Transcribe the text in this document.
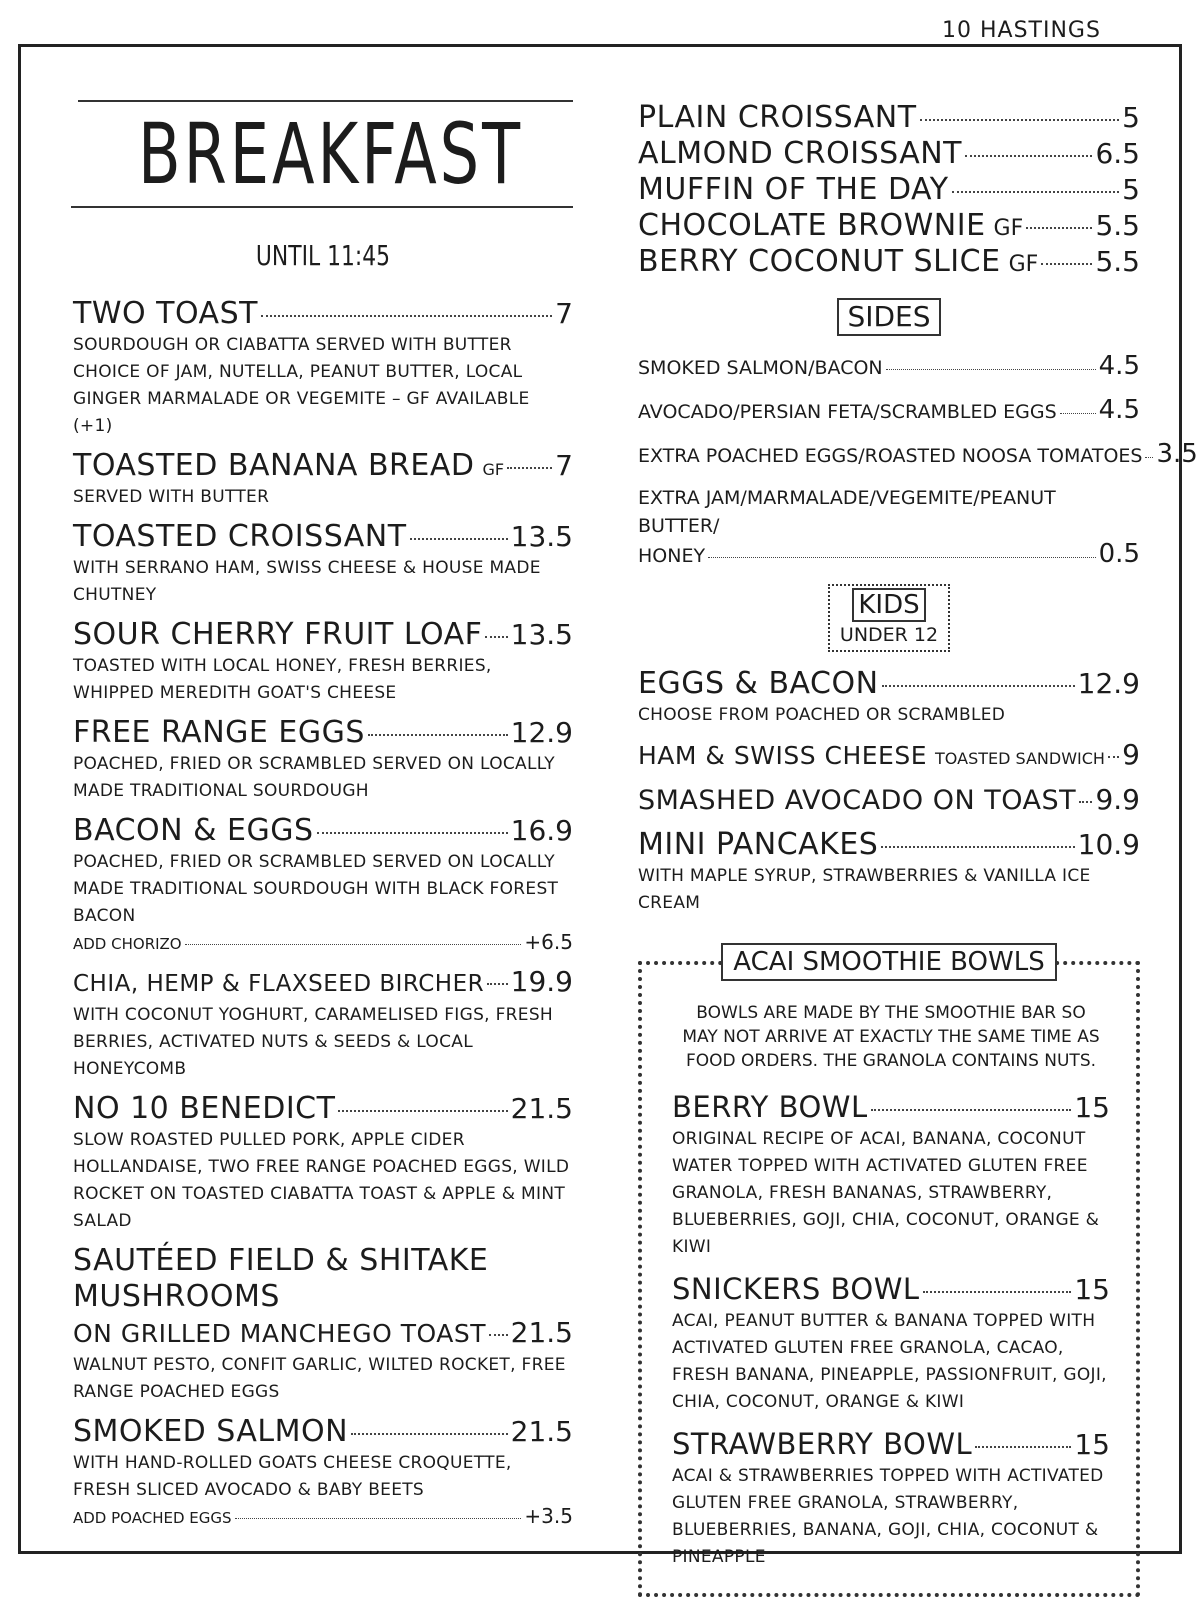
10 HASTINGS
BREAKFAST
UNTIL 11:45
TWO TOAST	7
SOURDOUGH OR CIABATTA SERVED WITH BUTTER CHOICE OF JAM, NUTELLA, PEANUT BUTTER, LOCAL GINGER MARMALADE OR VEGEMITE – GF AVAILABLE (+1)
TOASTED BANANA BREAD GF 7
SERVED WITH BUTTER
TOASTED CROISSANT	13.5
WITH SERRANO HAM, SWISS CHEESE & HOUSE MADE CHUTNEY
SOUR CHERRY FRUIT LOAF 13.5
TOASTED WITH LOCAL HONEY, FRESH BERRIES, WHIPPED MEREDITH GOAT'S CHEESE
FREE RANGE EGGS	12.9
POACHED, FRIED OR SCRAMBLED SERVED ON LOCALLY MADE TRADITIONAL SOURDOUGH
BACON & EGGS	16.9
POACHED, FRIED OR SCRAMBLED SERVED ON LOCALLY MADE TRADITIONAL SOURDOUGH WITH BLACK FOREST BACON
ADD CHORIZO	+6.5
CHIA, HEMP & FLAXSEED BIRCHER 19.9
WITH COCONUT YOGHURT, CARAMELISED FIGS, FRESH BERRIES, ACTIVATED NUTS & SEEDS & LOCAL HONEYCOMB
NO 10 BENEDICT	21.5
SLOW ROASTED PULLED PORK, APPLE CIDER HOLLANDAISE, TWO FREE RANGE POACHED EGGS, WILD ROCKET ON TOASTED CIABATTA TOAST & APPLE & MINT SALAD
SAUTÉED FIELD & SHITAKE MUSHROOMS
ON GRILLED MANCHEGO TOAST 21.5
WALNUT PESTO, CONFIT GARLIC, WILTED ROCKET, FREE RANGE POACHED EGGS
SMOKED SALMON	21.5
WITH HAND-ROLLED GOATS CHEESE CROQUETTE, FRESH SLICED AVOCADO & BABY BEETS
ADD POACHED EGGS	+3.5
PLAIN CROISSANT	5
ALMOND CROISSANT	6.5
MUFFIN OF THE DAY	5
CHOCOLATE BROWNIE GF	5.5
BERRY COCONUT SLICE GF 5.5
SIDES
SMOKED SALMON/BACON	4.5
AVOCADO/PERSIAN FETA/SCRAMBLED EGGS 4.5
EXTRA POACHED EGGS/ROASTED NOOSA TOMATOES 3.5
EXTRA JAM/MARMALADE/VEGEMITE/PEANUT BUTTER/
HONEY	0.5
KIDS
UNDER 12
EGGS & BACON	12.9
CHOOSE FROM POACHED OR SCRAMBLED
HAM & SWISS CHEESE TOASTED SANDWICH 9
SMASHED AVOCADO ON TOAST 9.9
MINI PANCAKES	10.9
WITH MAPLE SYRUP, STRAWBERRIES & VANILLA ICE CREAM
ACAI SMOOTHIE BOWLS
BOWLS ARE MADE BY THE SMOOTHIE BAR SO MAY NOT ARRIVE AT EXACTLY THE SAME TIME AS FOOD ORDERS. THE GRANOLA CONTAINS NUTS.
BERRY BOWL	15
ORIGINAL RECIPE OF ACAI, BANANA, COCONUT WATER TOPPED WITH ACTIVATED GLUTEN FREE GRANOLA, FRESH BANANAS, STRAWBERRY, BLUEBERRIES, GOJI, CHIA, COCONUT, ORANGE & KIWI
SNICKERS BOWL	15
ACAI, PEANUT BUTTER & BANANA TOPPED WITH ACTIVATED GLUTEN FREE GRANOLA, CACAO, FRESH BANANA, PINEAPPLE, PASSIONFRUIT, GOJI, CHIA, COCONUT, ORANGE & KIWI
STRAWBERRY BOWL	15
ACAI & STRAWBERRIES TOPPED WITH ACTIVATED GLUTEN FREE GRANOLA, STRAWBERRY, BLUEBERRIES, BANANA, GOJI, CHIA, COCONUT & PINEAPPLE
